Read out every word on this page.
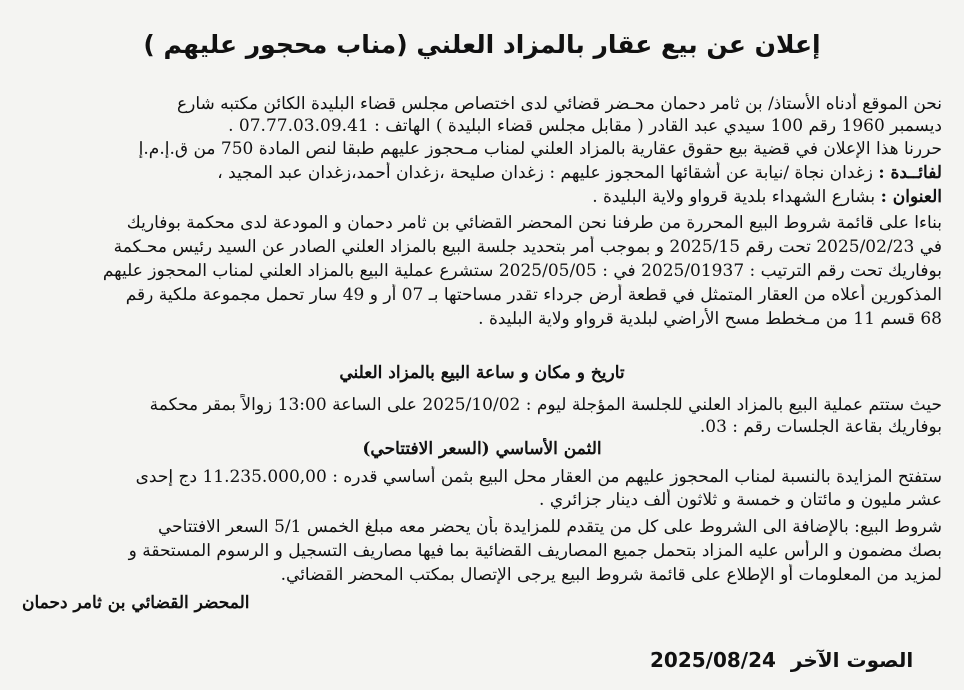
إعلان عن بيع عقار بالمزاد العلني (مناب محجور عليهم )
نحن الموقع أدناه الأستاذ/ بن ثامر دحمان محـضر قضائي لدى اختصاص مجلس قضاء البليدة الكائن مكتبه شارع
ديسمبر 1960 رقم 100 سيدي عبد القادر ( مقابل مجلس قضاء البليدة ) الهاتف : 07.77.03.09.41 .
حررنا هذا الإعلان في قضية بيع حقوق عقارية بالمزاد العلني لمناب مـحجوز عليهم طبقا لنص المادة 750 من ق.إ.م.إ
لفائــدة : زغدان نجاة /نيابة عن أشقائها المحجوز عليهم : زغدان صليحة ،زغدان أحمد،زغدان عبد المجيد ،
العنوان : بشارع الشهداء بلدية قرواو ولاية البليدة .
بناءا على قائمة شروط البيع المحررة من طرفنا نحن المحضر القضائي بن ثامر دحمان و المودعة لدى محكمة بوفاريك
في 2025/02/23 تحت رقم 2025/15 و بموجب أمر بتحديد جلسة البيع بالمزاد العلني الصادر عن السيد رئيس محـكمة
بوفاريك تحت رقم الترتيب : 2025/01937 في : 2025/05/05 ستشرع عملية البيع بالمزاد العلني لمناب المحجوز عليهم
المذكورين أعلاه من العقار المتمثل في قطعة أرض جرداء تقدر مساحتها بـ 07 أر و 49 سار تحمل مجموعة ملكية رقم
68 قسم 11 من مـخطط مسح الأراضي لبلدية قرواو ولاية البليدة .
تاريخ و مكان و ساعة البيع بالمزاد العلني
حيث ستتم عملية البيع بالمزاد العلني للجلسة المؤجلة ليوم : 2025/10/02 على الساعة 13:00 زوالاً بمقر محكمة
بوفاريك بقاعة الجلسات رقم : 03.
الثمن الأساسي (السعر الافتتاحي)
ستفتح المزايدة بالنسبة لمناب المحجوز عليهم من العقار محل البيع بثمن أساسي قدره : 11.235.000,00 دج إحدى
عشر مليون و مائتان و خمسة و ثلاثون ألف دينار جزائري .
شروط البيع: بالإضافة الى الشروط على كل من يتقدم للمزايدة بأن يحضر معه مبلغ الخمس 5/1 السعر الافتتاحي
بصك مضمون و الرأس عليه المزاد بتحمل جميع المصاريف القضائية بما فيها مصاريف التسجيل و الرسوم المستحقة و
لمزيد من المعلومات أو الإطلاع على قائمة شروط البيع يرجى الإتصال بمكتب المحضر القضائي.
المحضر القضائي بن ثامر دحمان
الصوت الآخر 2025/08/24
